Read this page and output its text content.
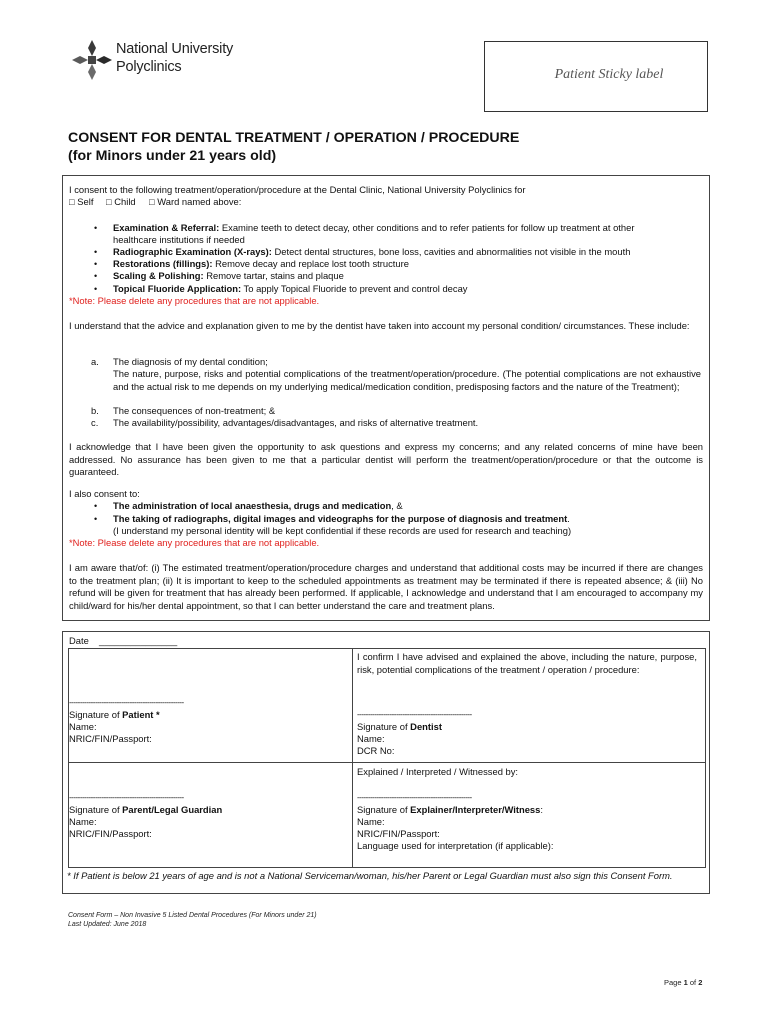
National University
Polyclinics	Patient Sticky label
CONSENT FOR DENTAL TREATMENT / OPERATION / PROCEDURE
(for Minors under 21 years old)
I consent to the following treatment/operation/procedure at the Dental Clinic, National University Polyclinics for
□ Self □ Child □ Ward named above:
• Examination & Referral: Examine teeth to detect decay, other conditions and to refer patients for follow up treatment at other
healthcare institutions if needed
• Radiographic Examination (X-rays): Detect dental structures, bone loss, cavities and abnormalities not visible in the mouth
• Restorations (fillings): Remove decay and replace lost tooth structure
• Scaling & Polishing: Remove tartar, stains and plaque
• Topical Fluoride Application: To apply Topical Fluoride to prevent and control decay
*Note: Please delete any procedures that are not applicable.
I understand that the advice and explanation given to me by the dentist have taken into account my personal condition/ circumstances. These include:
a. The diagnosis of my dental condition;
The nature, purpose, risks and potential complications of the treatment/operation/procedure. (The potential complications are not exhaustive and the actual risk to me depends on my underlying medical/medication condition, predisposing factors and the nature of the Treatment);
b. The consequences of non-treatment; &
c. The availability/possibility, advantages/disadvantages, and risks of alternative treatment.
I acknowledge that I have been given the opportunity to ask questions and express my concerns; and any related concerns of mine have been addressed. No assurance has been given to me that a particular dentist will perform the treatment/operation/procedure or that the outcome is guaranteed.
I also consent to:
• The administration of local anaesthesia, drugs and medication, &
• The taking of radiographs, digital images and videographs for the purpose of diagnosis and treatment.
(I understand my personal identity will be kept confidential if these records are used for research and teaching)
*Note: Please delete any procedures that are not applicable.
I am aware that/of: (i) The estimated treatment/operation/procedure charges and understand that additional costs may be incurred if there are changes to the treatment plan; (ii) It is important to keep to the scheduled appointments as treatment may be terminated if there is repeated absence; & (iii) No refund will be given for treatment that has already been performed. If applicable, I acknowledge and understand that I am encouraged to accompany my child/ward for his/her dental appointment, so that I can better understand the care and treatment plans.
Date _______________
-----------------------------------------------------
Signature of Patient *
Name:
NRIC/FIN/Passport:
I confirm I have advised and explained the above, including the nature, purpose, risk, potential complications of the treatment / operation / procedure:
-----------------------------------------------------
Signature of Dentist
Name:
DCR No:
-----------------------------------------------------
Signature of Parent/Legal Guardian
Name:
NRIC/FIN/Passport:
Explained / Interpreted / Witnessed by:
-----------------------------------------------------
Signature of Explainer/Interpreter/Witness:
Name:
NRIC/FIN/Passport:
Language used for interpretation (if applicable):
* If Patient is below 21 years of age and is not a National Serviceman/woman, his/her Parent or Legal Guardian must also sign this Consent Form.
Consent Form – Non Invasive 5 Listed Dental Procedures (For Minors under 21)
Last Updated: June 2018
Page 1 of 2
